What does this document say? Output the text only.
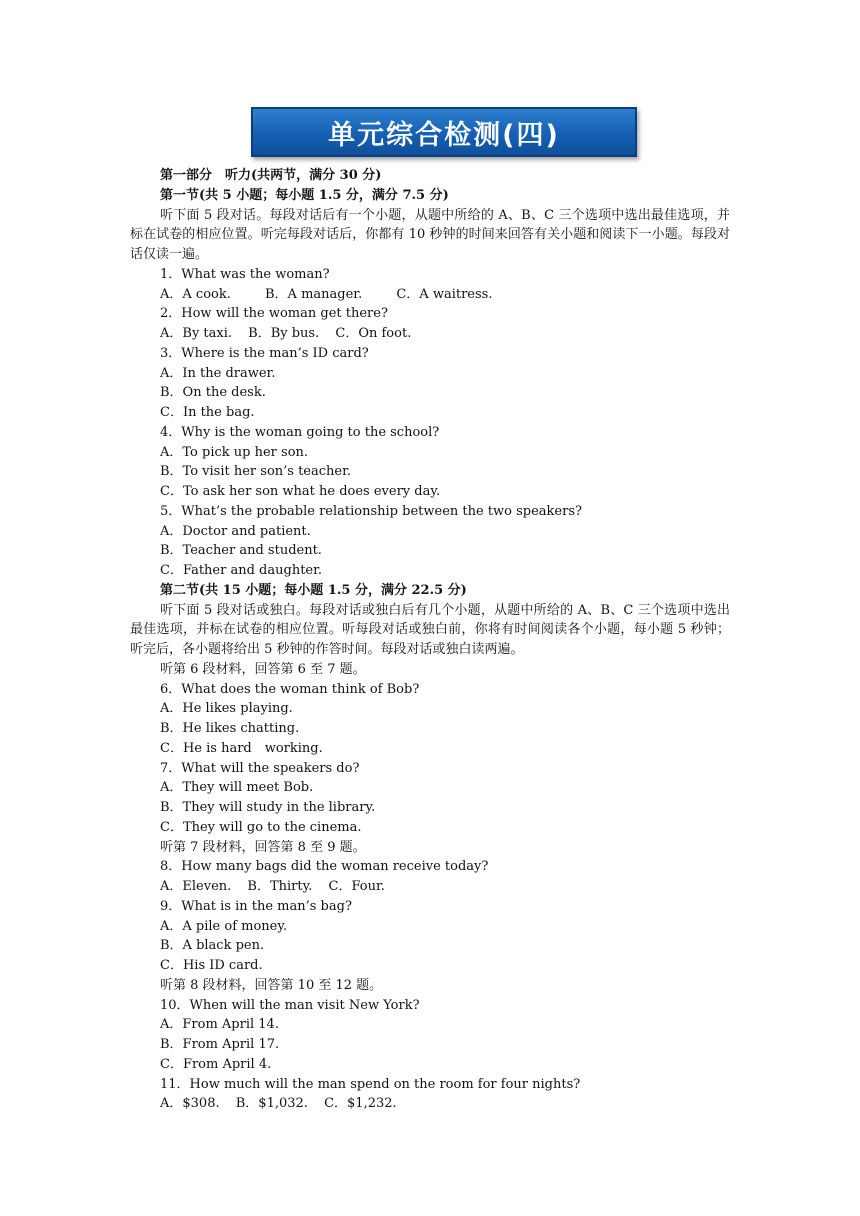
单元综合检测(四)
第一部分　听力(共两节，满分 30 分)
第一节(共 5 小题；每小题 1.5 分，满分 7.5 分)
听下面 5 段对话。每段对话后有一个小题，从题中所给的 A、B、C 三个选项中选出最佳选项，并标在试卷的相应位置。听完每段对话后，你都有 10 秒钟的时间来回答有关小题和阅读下一小题。每段对话仅读一遍。
1．What was the woman?
A．A cook.	B．A manager.	C．A waitress.
2．How will the woman get there?
A．By taxi. B．By bus. C．On foot.
3．Where is the man’s ID card?
A．In the drawer.
B．On the desk.
C．In the bag.
4．Why is the woman going to the school?
A．To pick up her son.
B．To visit her son’s teacher.
C．To ask her son what he does every day.
5．What’s the probable relationship between the two speakers?
A．Doctor and patient.
B．Teacher and student.
C．Father and daughter.
第二节(共 15 小题；每小题 1.5 分，满分 22.5 分)
听下面 5 段对话或独白。每段对话或独白后有几个小题，从题中所给的 A、B、C 三个选项中选出最佳选项，并标在试卷的相应位置。听每段对话或独白前，你将有时间阅读各个小题，每小题 5 秒钟；听完后，各小题将给出 5 秒钟的作答时间。每段对话或独白读两遍。
听第 6 段材料，回答第 6 至 7 题。
6．What does the woman think of Bob?
A．He likes playing.
B．He likes chatting.
C．He is hard　working.
7．What will the speakers do?
A．They will meet Bob.
B．They will study in the library.
C．They will go to the cinema.
听第 7 段材料，回答第 8 至 9 题。
8．How many bags did the woman receive today?
A．Eleven. B．Thirty. C．Four.
9．What is in the man’s bag?
A．A pile of money.
B．A black pen.
C．His ID card.
听第 8 段材料，回答第 10 至 12 题。
10．When will the man visit New York?
A．From April 14.
B．From April 17.
C．From April 4.
11．How much will the man spend on the room for four nights?
A．$308. B．$1,032. C．$1,232.
